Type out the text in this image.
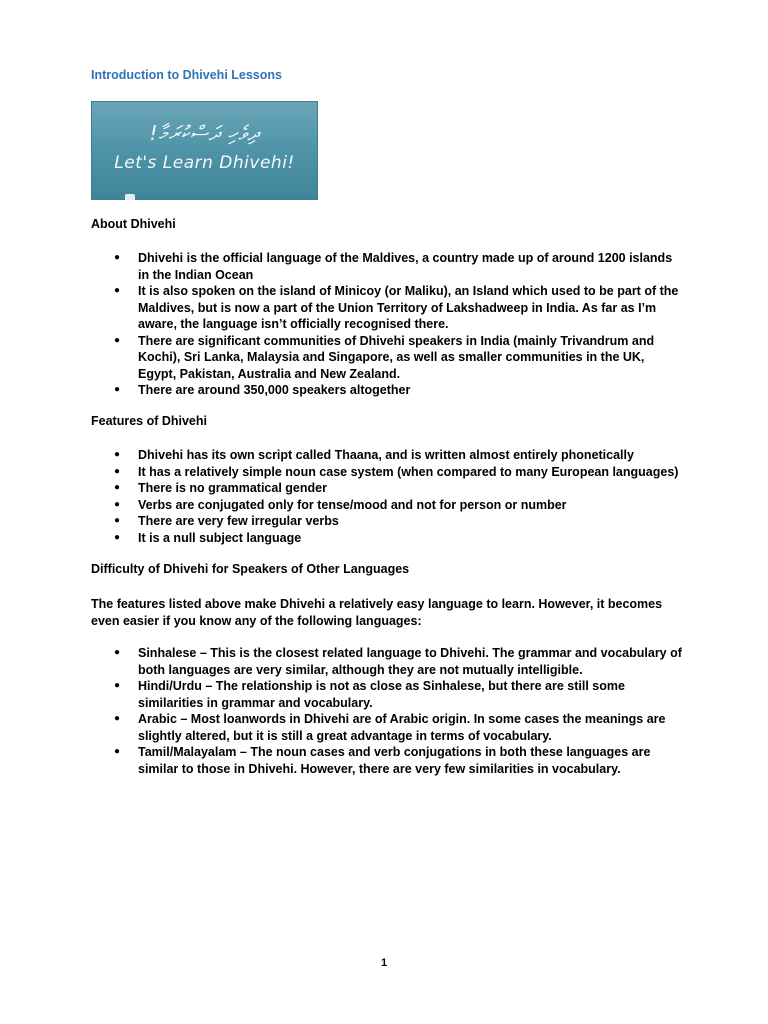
Introduction to Dhivehi Lessons
ދިވެހި ދަސްކުރަމާ!
Let's Learn Dhivehi!
About Dhivehi
● Dhivehi is the official language of the Maldives, a country made up of around 1200 islands in the Indian Ocean
● It is also spoken on the island of Minicoy (or Maliku), an Island which used to be part of the Maldives, but is now a part of the Union Territory of Lakshadweep in India. As far as I’m aware, the language isn’t officially recognised there.
● There are significant communities of Dhivehi speakers in India (mainly Trivandrum and Kochi), Sri Lanka, Malaysia and Singapore, as well as smaller communities in the UK, Egypt, Pakistan, Australia and New Zealand.
● There are around 350,000 speakers altogether
Features of Dhivehi
● Dhivehi has its own script called Thaana, and is written almost entirely phonetically
● It has a relatively simple noun case system (when compared to many European languages)
● There is no grammatical gender
● Verbs are conjugated only for tense/mood and not for person or number
● There are very few irregular verbs
● It is a null subject language
Difficulty of Dhivehi for Speakers of Other Languages

The features listed above make Dhivehi a relatively easy language to learn. However, it becomes even easier if you know any of the following languages:

● Sinhalese – This is the closest related language to Dhivehi. The grammar and vocabulary of both languages are very similar, although they are not mutually intelligible.
● Hindi/Urdu – The relationship is not as close as Sinhalese, but there are still some similarities in grammar and vocabulary.
● Arabic – Most loanwords in Dhivehi are of Arabic origin. In some cases the meanings are slightly altered, but it is still a great advantage in terms of vocabulary.
● Tamil/Malayalam – The noun cases and verb conjugations in both these languages are similar to those in Dhivehi. However, there are very few similarities in vocabulary.
1
